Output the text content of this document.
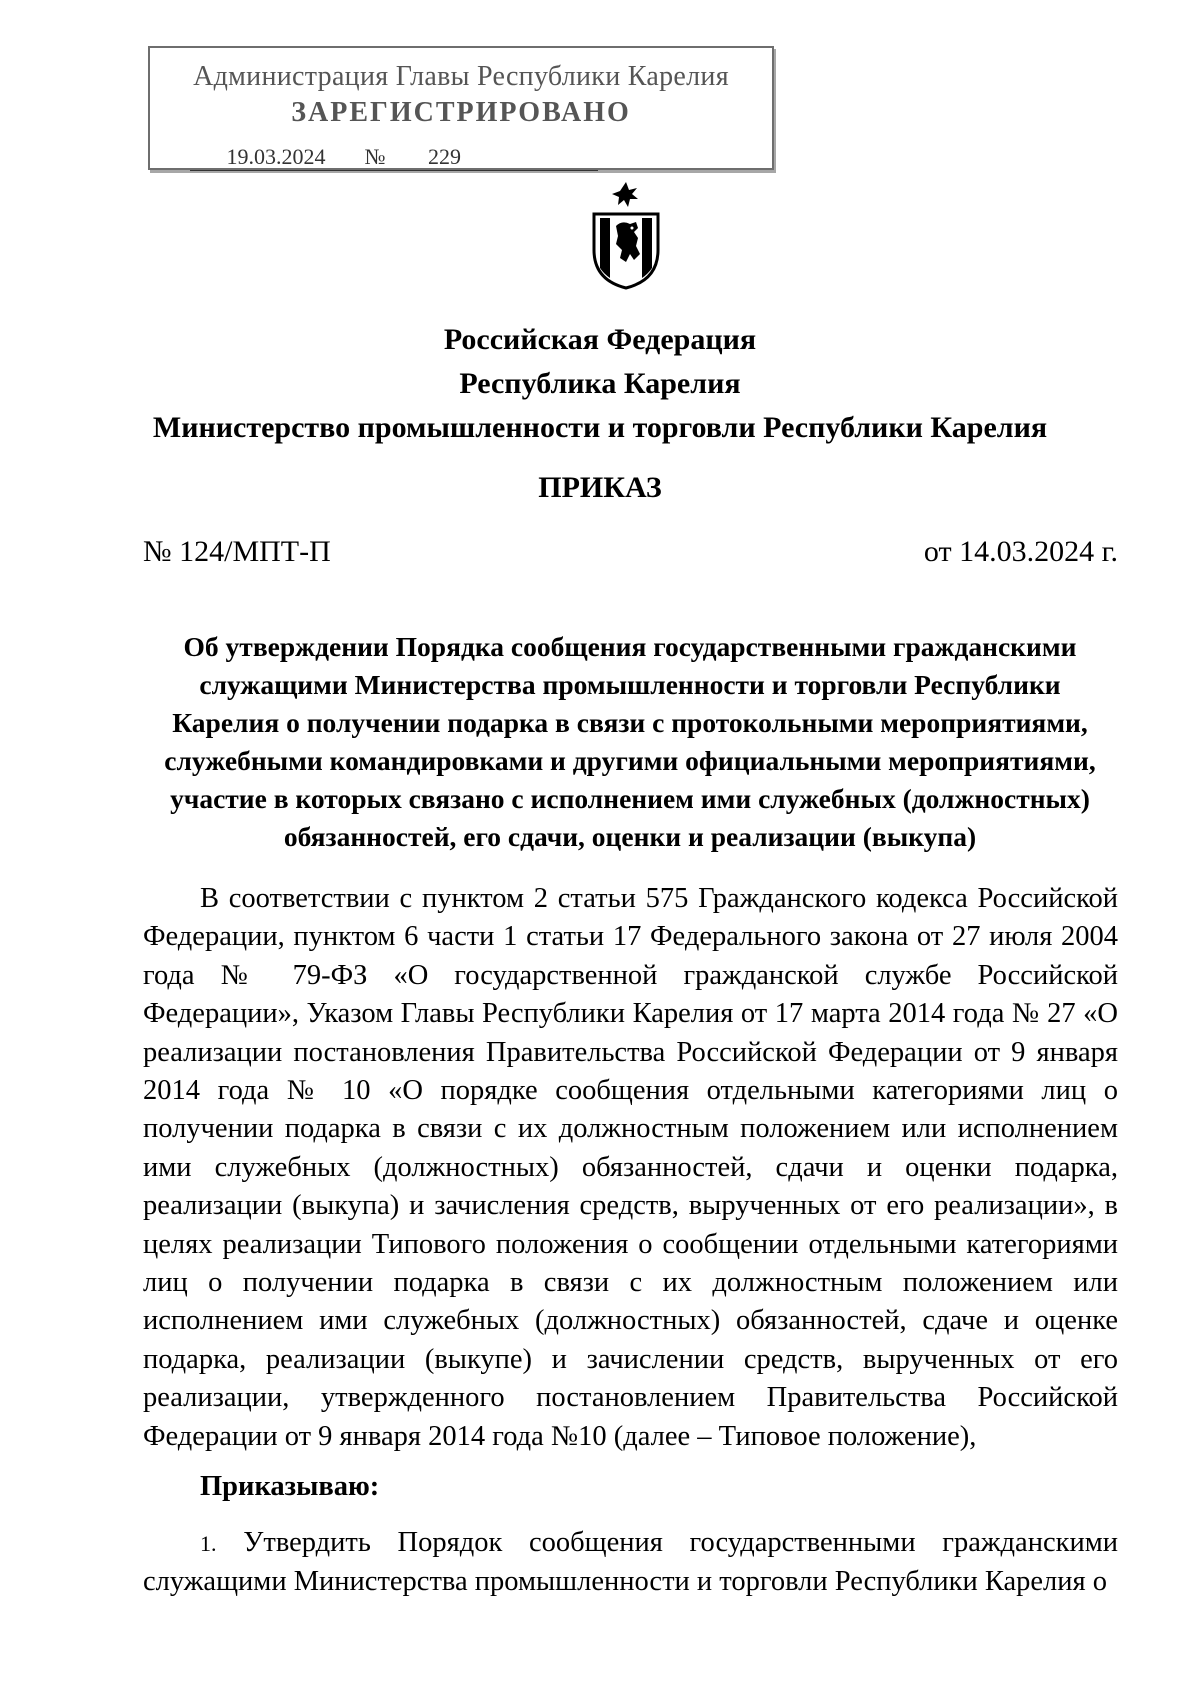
Администрация Главы Республики Карелия
ЗАРЕГИСТРИРОВАНО
19.03.2024 № 229
Российская Федерация
Республика Карелия
Министерство промышленности и торговли Республики Карелия
ПРИКАЗ
№ 124/МПТ-П	от 14.03.2024 г.
Об утверждении Порядка сообщения государственными гражданскими служащими Министерства промышленности и торговли Республики Карелия о получении подарка в связи с протокольными мероприятиями, служебными командировками и другими официальными мероприятиями, участие в которых связано с исполнением ими служебных (должностных) обязанностей, его сдачи, оценки и реализации (выкупа)
В соответствии с пунктом 2 статьи 575 Гражданского кодекса Российской Федерации, пунктом 6 части 1 статьи 17 Федерального закона от 27 июля 2004 года № 79-ФЗ «О государственной гражданской службе Российской Федерации», Указом Главы Республики Карелия от 17 марта 2014 года № 27 «О реализации постановления Правительства Российской Федерации от 9 января 2014 года № 10 «О порядке сообщения отдельными категориями лиц о получении подарка в связи с их должностным положением или исполнением ими служебных (должностных) обязанностей, сдачи и оценки подарка, реализации (выкупа) и зачисления средств, вырученных от его реализации», в целях реализации Типового положения о сообщении отдельными категориями лиц о получении подарка в связи с их должностным положением или исполнением ими служебных (должностных) обязанностей, сдаче и оценке подарка, реализации (выкупе) и зачислении средств, вырученных от его реализации, утвержденного постановлением Правительства Российской Федерации от 9 января 2014 года №10 (далее – Типовое положение),
Приказываю:
1. Утвердить Порядок сообщения государственными гражданскими служащими Министерства промышленности и торговли Республики Карелия о
